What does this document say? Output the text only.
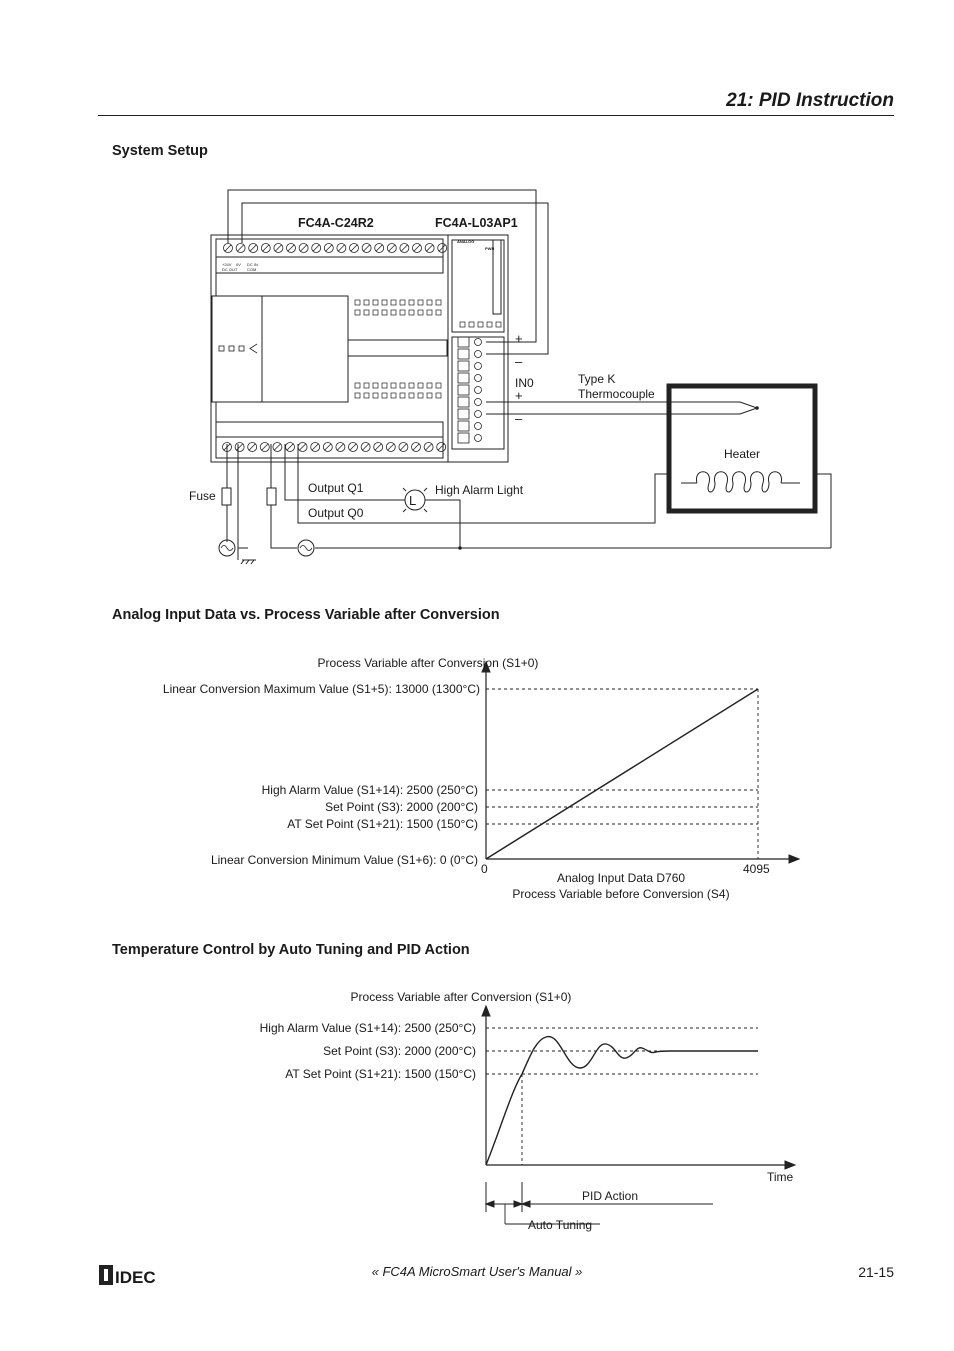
21: PID Instruction
System Setup
Analog Input Data vs. Process Variable after Conversion
Temperature Control by Auto Tuning and PID Action
+24V 0V DC IN
DC OUT COM
ANALOG
PWR
FC4A-C24R2	FC4A-L03AP1
+
–
IN0
+
–
Type K
Thermocouple
Heater
Fuse
Output Q1
Output Q0
High Alarm Light
L
Process Variable after Conversion (S1+0)
Linear Conversion Maximum Value (S1+5): 13000 (1300°C)
High Alarm Value (S1+14): 2500 (250°C)
Set Point (S3): 2000 (200°C)
AT Set Point (S1+21): 1500 (150°C)
Linear Conversion Minimum Value (S1+6): 0 (0°C)
0	4095
Analog Input Data D760
Process Variable before Conversion (S4)
Process Variable after Conversion (S1+0)
High Alarm Value (S1+14): 2500 (250°C)
Set Point (S3): 2000 (200°C)
AT Set Point (S1+21): 1500 (150°C)
Time
PID Action
Auto Tuning
IDEC	« FC4A MicroSmart User's Manual »	21-15
